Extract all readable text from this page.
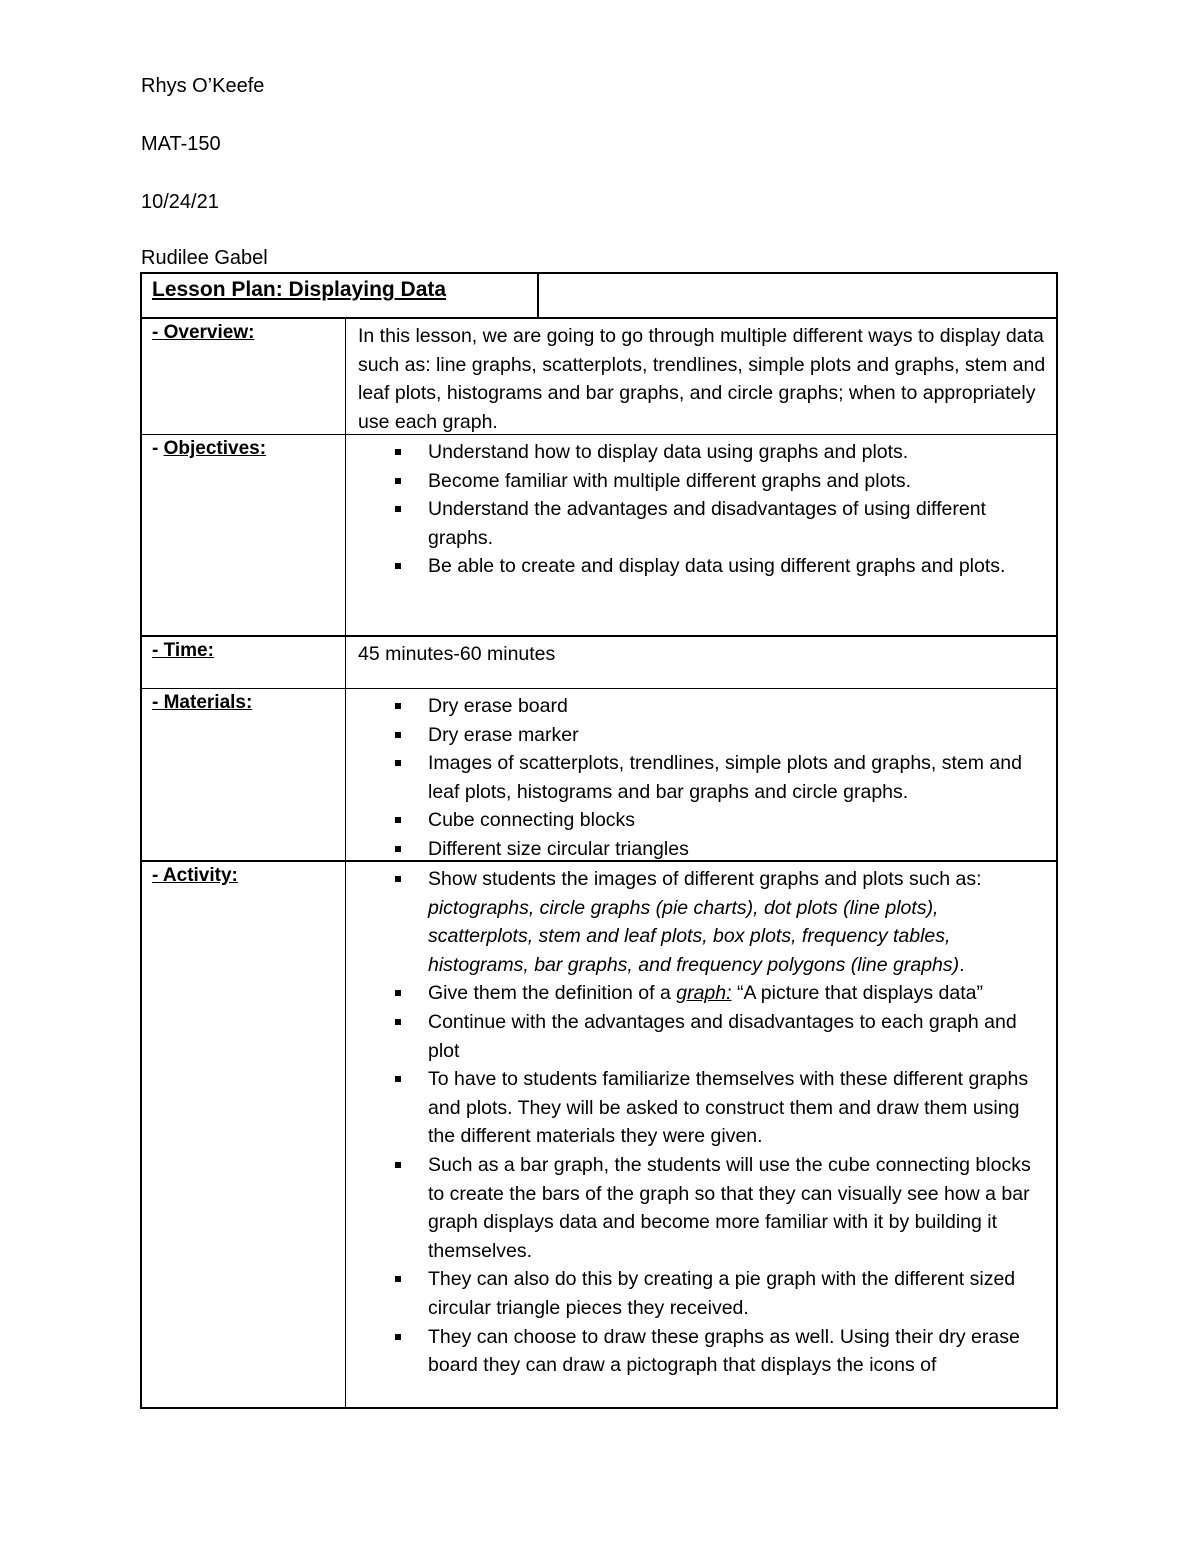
Rhys O’Keefe
MAT-150
10/24/21
Rudilee Gabel
Lesson Plan: Displaying Data
- Overview:	In this lesson, we are going to go through multiple different ways to display data such as: line graphs, scatterplots, trendlines, simple plots and graphs, stem and leaf plots, histograms and bar graphs, and circle graphs; when to appropriately use each graph.
- Objectives:	Understand how to display data using graphs and plots.
Become familiar with multiple different graphs and plots.
Understand the advantages and disadvantages of using different graphs.
Be able to create and display data using different graphs and plots.
- Time:	45 minutes-60 minutes
- Materials:	Dry erase board
Dry erase marker
Images of scatterplots, trendlines, simple plots and graphs, stem and leaf plots, histograms and bar graphs and circle graphs.
Cube connecting blocks
Different size circular triangles
- Activity:	Show students the images of different graphs and plots such as: pictographs, circle graphs (pie charts), dot plots (line plots), scatterplots, stem and leaf plots, box plots, frequency tables, histograms, bar graphs, and frequency polygons (line graphs).
Give them the definition of a graph: “A picture that displays data”
Continue with the advantages and disadvantages to each graph and plot
To have to students familiarize themselves with these different graphs and plots. They will be asked to construct them and draw them using the different materials they were given.
Such as a bar graph, the students will use the cube connecting blocks to create the bars of the graph so that they can visually see how a bar graph displays data and become more familiar with it by building it themselves.
They can also do this by creating a pie graph with the different sized circular triangle pieces they received.
They can choose to draw these graphs as well. Using their dry erase board they can draw a pictograph that displays the icons of
